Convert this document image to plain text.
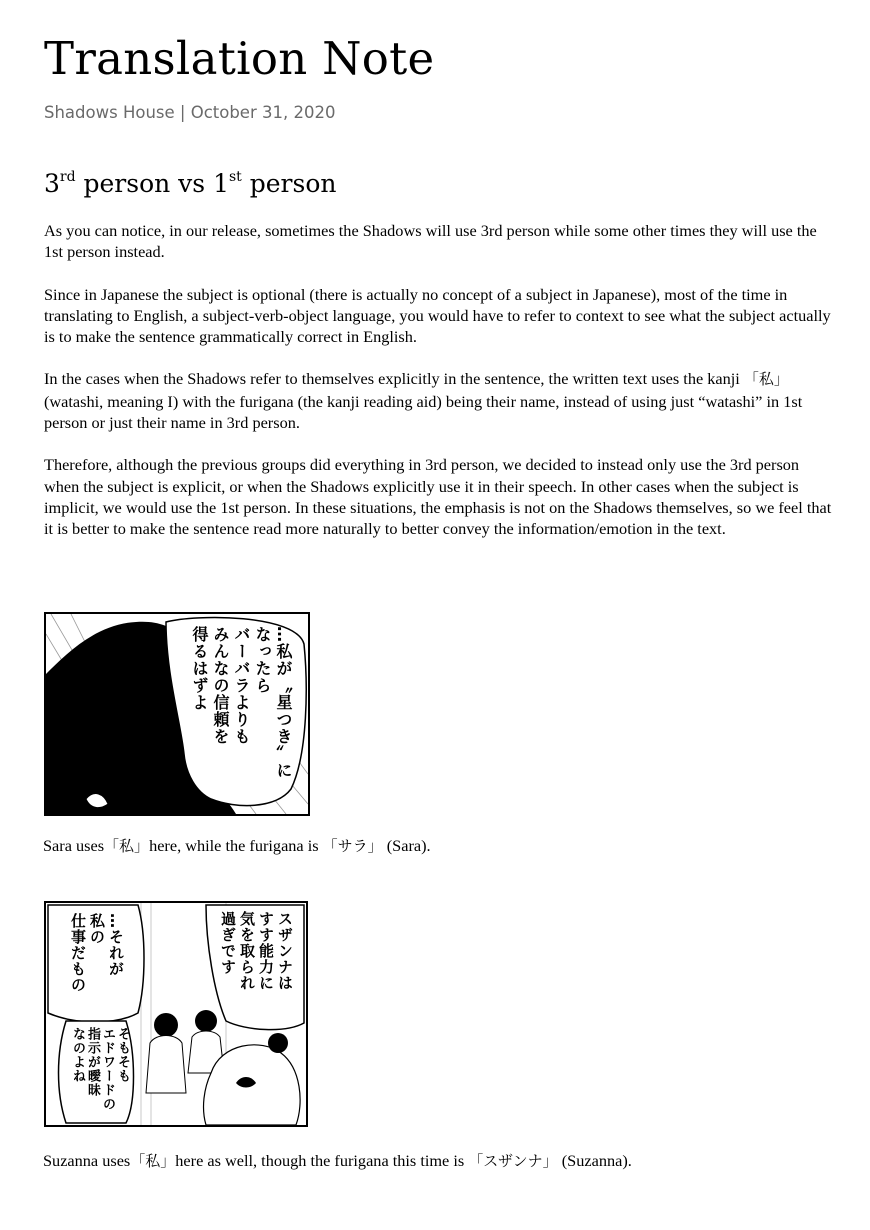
Translation Note
Shadows House | October 31, 2020
3rd person vs 1st person

As you can notice, in our release, sometimes the Shadows will use 3rd person while some other times they will use the 1st person instead.

Since in Japanese the subject is optional (there is actually no concept of a subject in Japanese), most of the time in translating to English, a subject-verb-object language, you would have to refer to context to see what the subject actually is to make the sentence grammatically correct in English.

In the cases when the Shadows refer to themselves explicitly in the sentence, the written text uses the kanji 「私」 (watashi, meaning I) with the furigana (the kanji reading aid) being their name, instead of using just “watashi” in 1st person or just their name in 3rd person.

Therefore, although the previous groups did everything in 3rd person, we decided to instead only use the 3rd person when the subject is explicit, or when the Shadows explicitly use it in their speech. In other cases when the subject is implicit, we would use the 1st person. In these situations, the emphasis is not on the Shadows themselves, so we feel that it is better to make the sentence read more naturally to better convey the information/emotion in the text.

…私が〝星つき〟に
なったら
バーバラよりも
みんなの信頼を
得るはずよ
Sara uses「私」here, while the furigana is 「サラ」 (Sara).
スザンナは
すす能力に
気を取られ
過ぎです
…それが
私の
仕事だもの
そもそも
エドワードの
指示が曖昧
なのよね
Suzanna uses「私」here as well, though the furigana this time is 「スザンナ」 (Suzanna).
